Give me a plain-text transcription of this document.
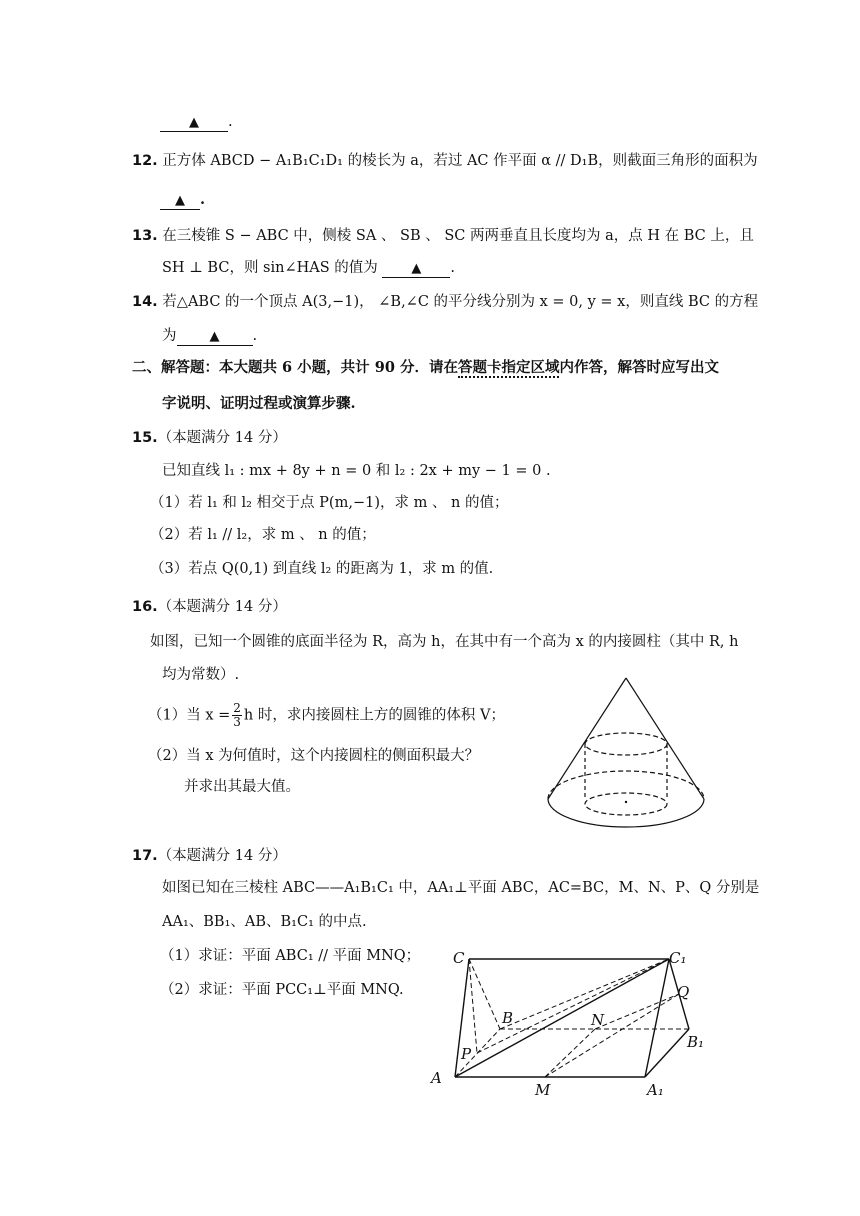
▲ .
12. 正方体 ABCD − A₁B₁C₁D₁ 的棱长为 a，若过 AC 作平面 α // D₁B，则截面三角形的面积为
▲ .
13. 在三棱锥 S − ABC 中，侧棱 SA 、 SB 、 SC 两两垂直且长度均为 a，点 H 在 BC 上，且
SH ⊥ BC，则 sin∠HAS 的值为	▲ .
14. 若△ABC 的一个顶点 A(3,−1)， ∠B,∠C 的平分线分别为 x = 0, y = x，则直线 BC 的方程
为	▲ .
二、解答题：本大题共 6 小题，共计 90 分．请在答题卡指定区域内作答，解答时应写出文
字说明、证明过程或演算步骤.
15.（本题满分 14 分）
已知直线 l₁ : mx + 8y + n = 0 和 l₂ : 2x + my − 1 = 0 .
（1）若 l₁ 和 l₂ 相交于点 P(m,−1)，求 m 、 n 的值；
（2）若 l₁ // l₂，求 m 、 n 的值；
（3）若点 Q(0,1) 到直线 l₂ 的距离为 1，求 m 的值.
16.（本题满分 14 分）
如图，已知一个圆锥的底面半径为 R，高为 h，在其中有一个高为 x 的内接圆柱（其中 R, h
均为常数）.
（1）当 $x = \frac{2}{3}$ h 时，求内接圆柱上方的圆锥的体积 V；
（2）当 x 为何值时，这个内接圆柱的侧面积最大？
并求出其最大值。
17.（本题满分 14 分）
如图已知在三棱柱 ABC——A₁B₁C₁ 中，AA₁⊥平面 ABC，AC=BC，M、N、P、Q 分别是
AA₁、BB₁、AB、B₁C₁ 的中点.
（1）求证：平面 ABC₁ // 平面 MNQ；
（2）求证：平面 PCC₁⊥平面 MNQ.
C	C₁
B	N
Q
B₁
P
A
M	A₁
